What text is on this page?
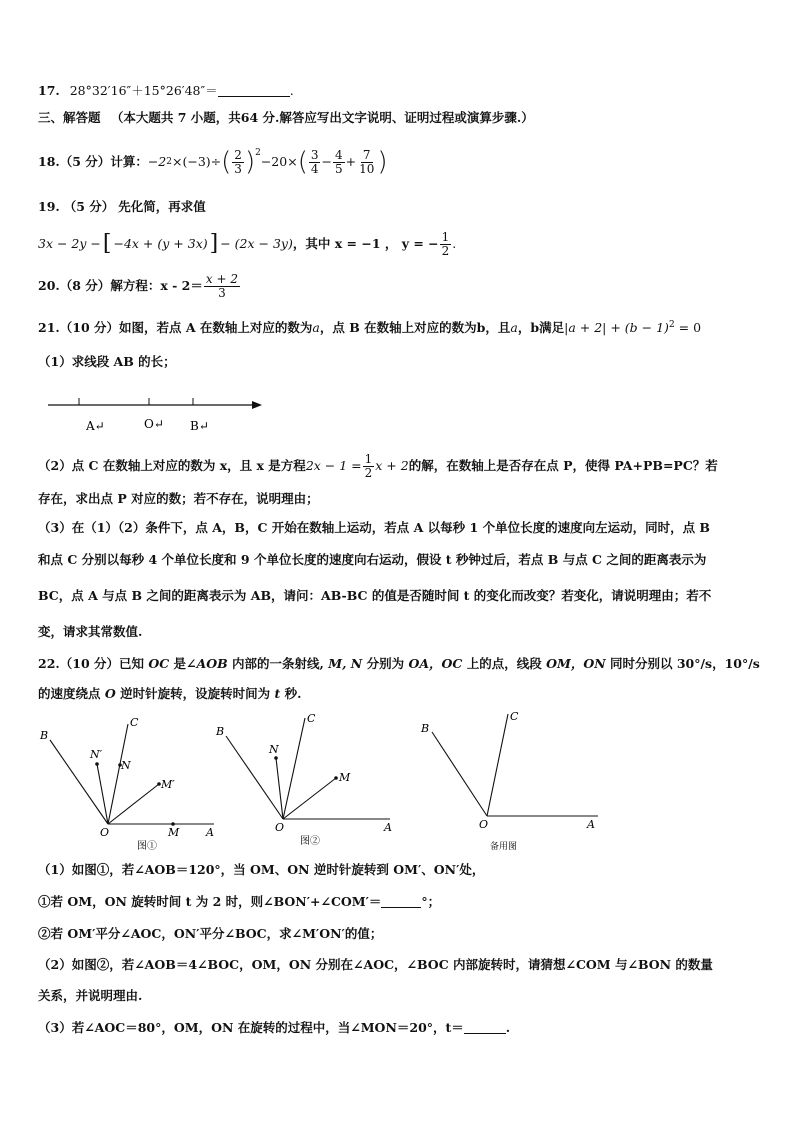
17. 28°32′16″＋15°26′48″＝	.
三、解答题 （本大题共 7 小题，共64 分.解答应写出文字说明、证明过程或演算步骤.）
18. （5 分） 计算： −2 2 ×(−3)÷ ( $\frac{2}{3} )^2$
−20× ( $\frac{3}{4} - \frac{4}{5} + \frac{7}{10}$ )
19. （5 分） 先化简，再求值
3x − 2y − [ −4x + (y + 3x) ] − (2x − 3y) ，其中 x = −1 ， y = − $\frac{1}{2}$ .
20. （8 分） 解方程： $x - 2= \frac{x + 2}{3}$
21.（10 分）如图，若点 A 在数轴上对应的数为a，点 B 在数轴上对应的数为b，且a，b满足$|a + 2| + (b - 1)^2 = 0$
（1）求线段 AB 的长；
A↵	O↵ B↵
（2）点 C 在数轴上对应的数为 x，且 x 是方程 $2x - 1 = \frac{1}{2}$ x + 2 的解，在数轴上是否存在点 P，使得 PA+PB=PC？若
存在，求出点 P 对应的数；若不存在，说明理由；
（3）在（1）（2）条件下，点 A，B，C 开始在数轴上运动，若点 A 以每秒 1 个单位长度的速度向左运动，同时，点 B
和点 C 分别以每秒 4 个单位长度和 9 个单位长度的速度向右运动，假设 t 秒钟过后，若点 B 与点 C 之间的距离表示为
BC，点 A 与点 B 之间的距离表示为 AB，请问：AB-BC 的值是否随时间 t 的变化而改变？若变化，请说明理由；若不
变，请求其常数值.
22.（10 分）已知 OC 是∠AOB 内部的一条射线, M, N 分别为 OA，OC 上的点，线段 OM，ON 同时分别以 30°/s，10°/s
的速度绕点 O 逆时针旋转，设旋转时间为 t 秒.
B
C
N′
N
M′
O	M A
图①
B
C
N
M
O	A
图②
B
C
O	A
备用图
（1）如图①，若∠AOB＝120°，当 OM、ON 逆时针旋转到 OM′、ON′处，
①若 OM，ON 旋转时间 t 为 2 时，则∠BON′+∠COM′＝	°；
②若 OM′平分∠AOC，ON′平分∠BOC，求∠M′ON′的值；
（2）如图②，若∠AOB＝4∠BOC，OM，ON 分别在∠AOC，∠BOC 内部旋转时，请猜想∠COM 与∠BON 的数量
关系，并说明理由.
（3）若∠AOC＝80°，OM，ON 在旋转的过程中，当∠MON＝20°，t＝	.
